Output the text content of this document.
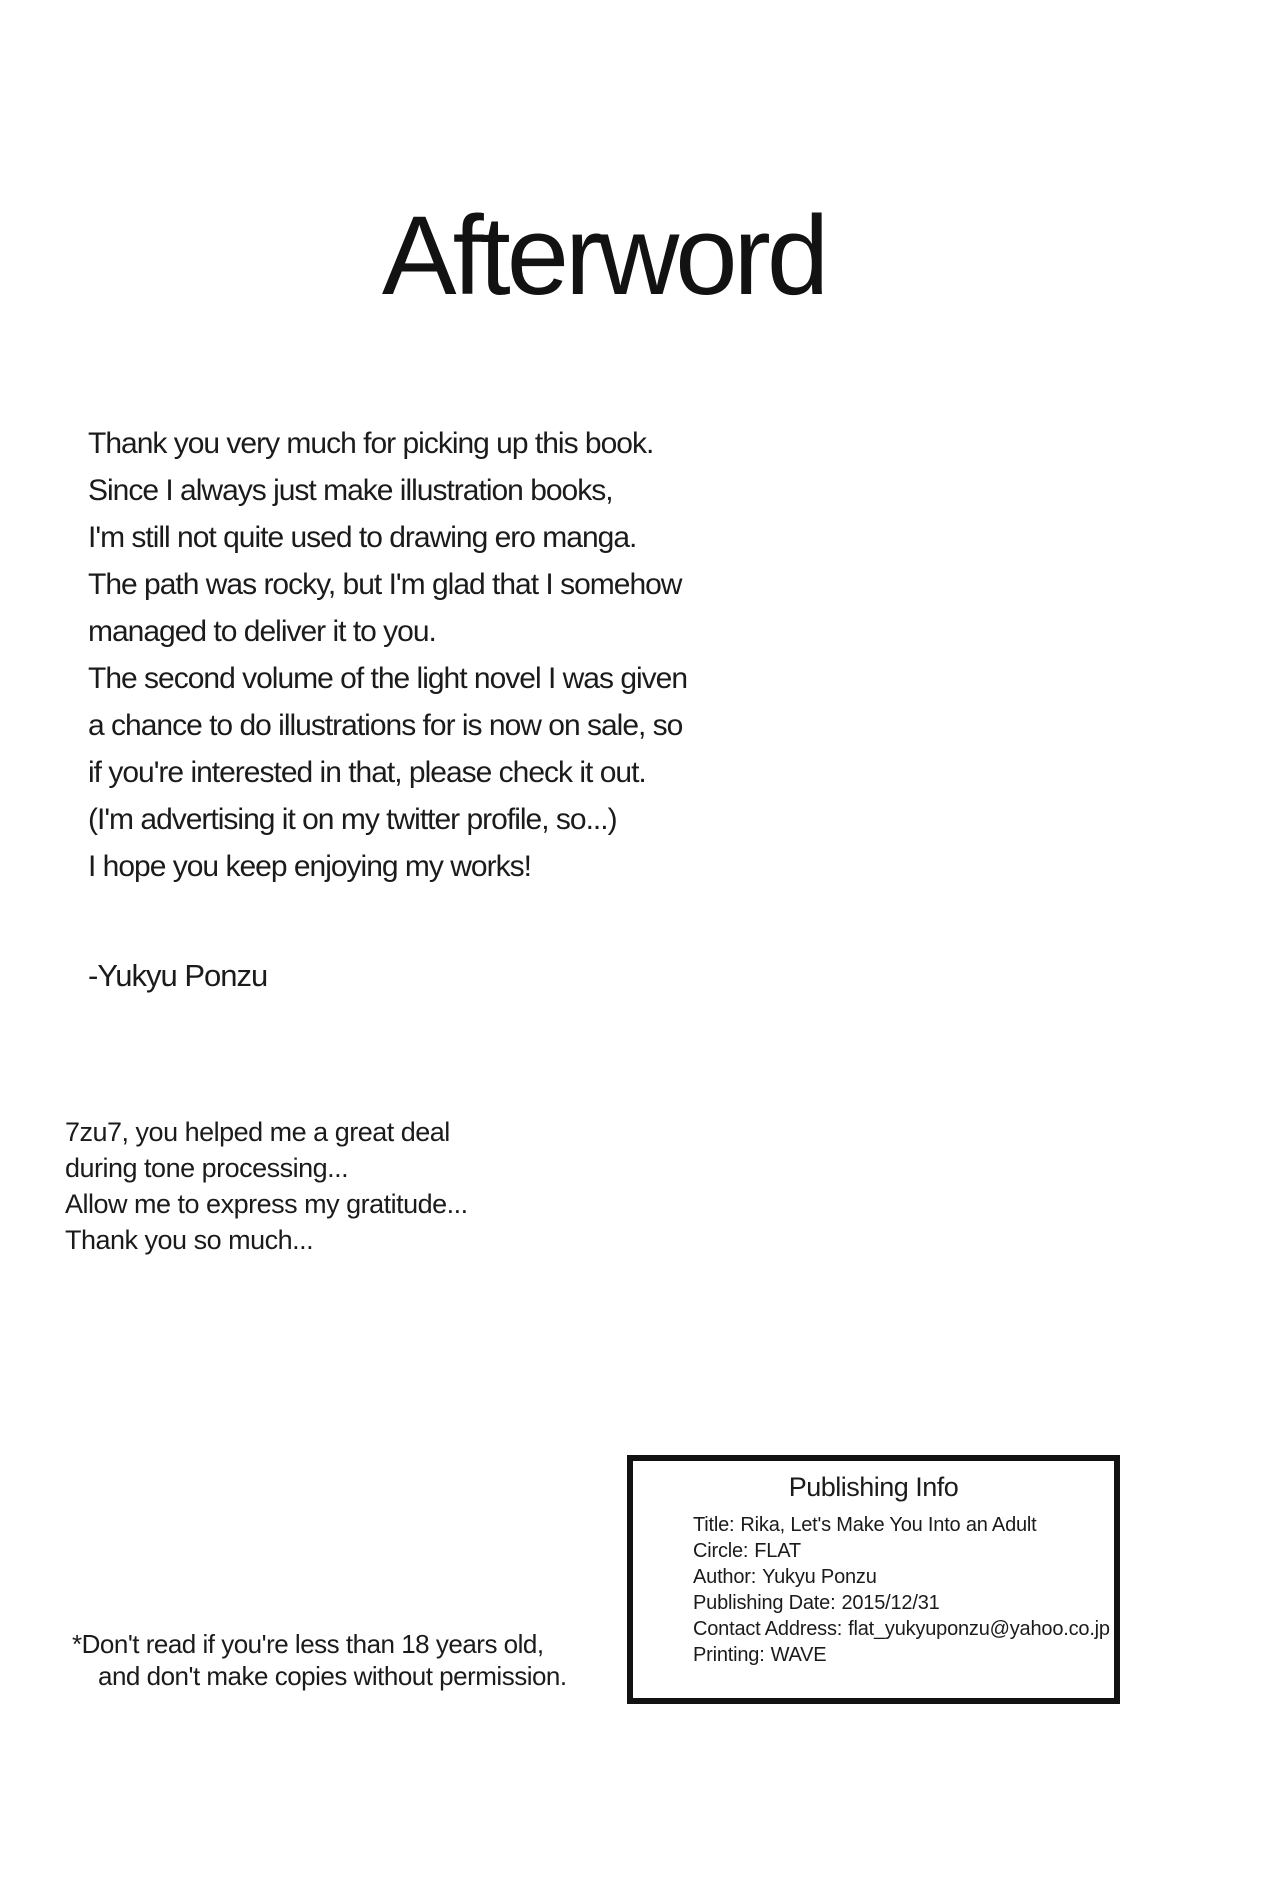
Afterword
Thank you very much for picking up this book.
Since I always just make illustration books,
I'm still not quite used to drawing ero manga.
The path was rocky, but I'm glad that I somehow
managed to deliver it to you.
The second volume of the light novel I was given
a chance to do illustrations for is now on sale, so
if you're interested in that, please check it out.
(I'm advertising it on my twitter profile, so...)
I hope you keep enjoying my works!
-Yukyu Ponzu
7zu7, you helped me a great deal
during tone processing...
Allow me to express my gratitude...
Thank you so much...
Publishing Info
Title: Rika, Let's Make You Into an Adult
Circle: FLAT
Author: Yukyu Ponzu
Publishing Date: 2015/12/31
Contact Address: flat_yukyuponzu@yahoo.co.jp
Printing: WAVE
*Don't read if you're less than 18 years old,
and don't make copies without permission.
